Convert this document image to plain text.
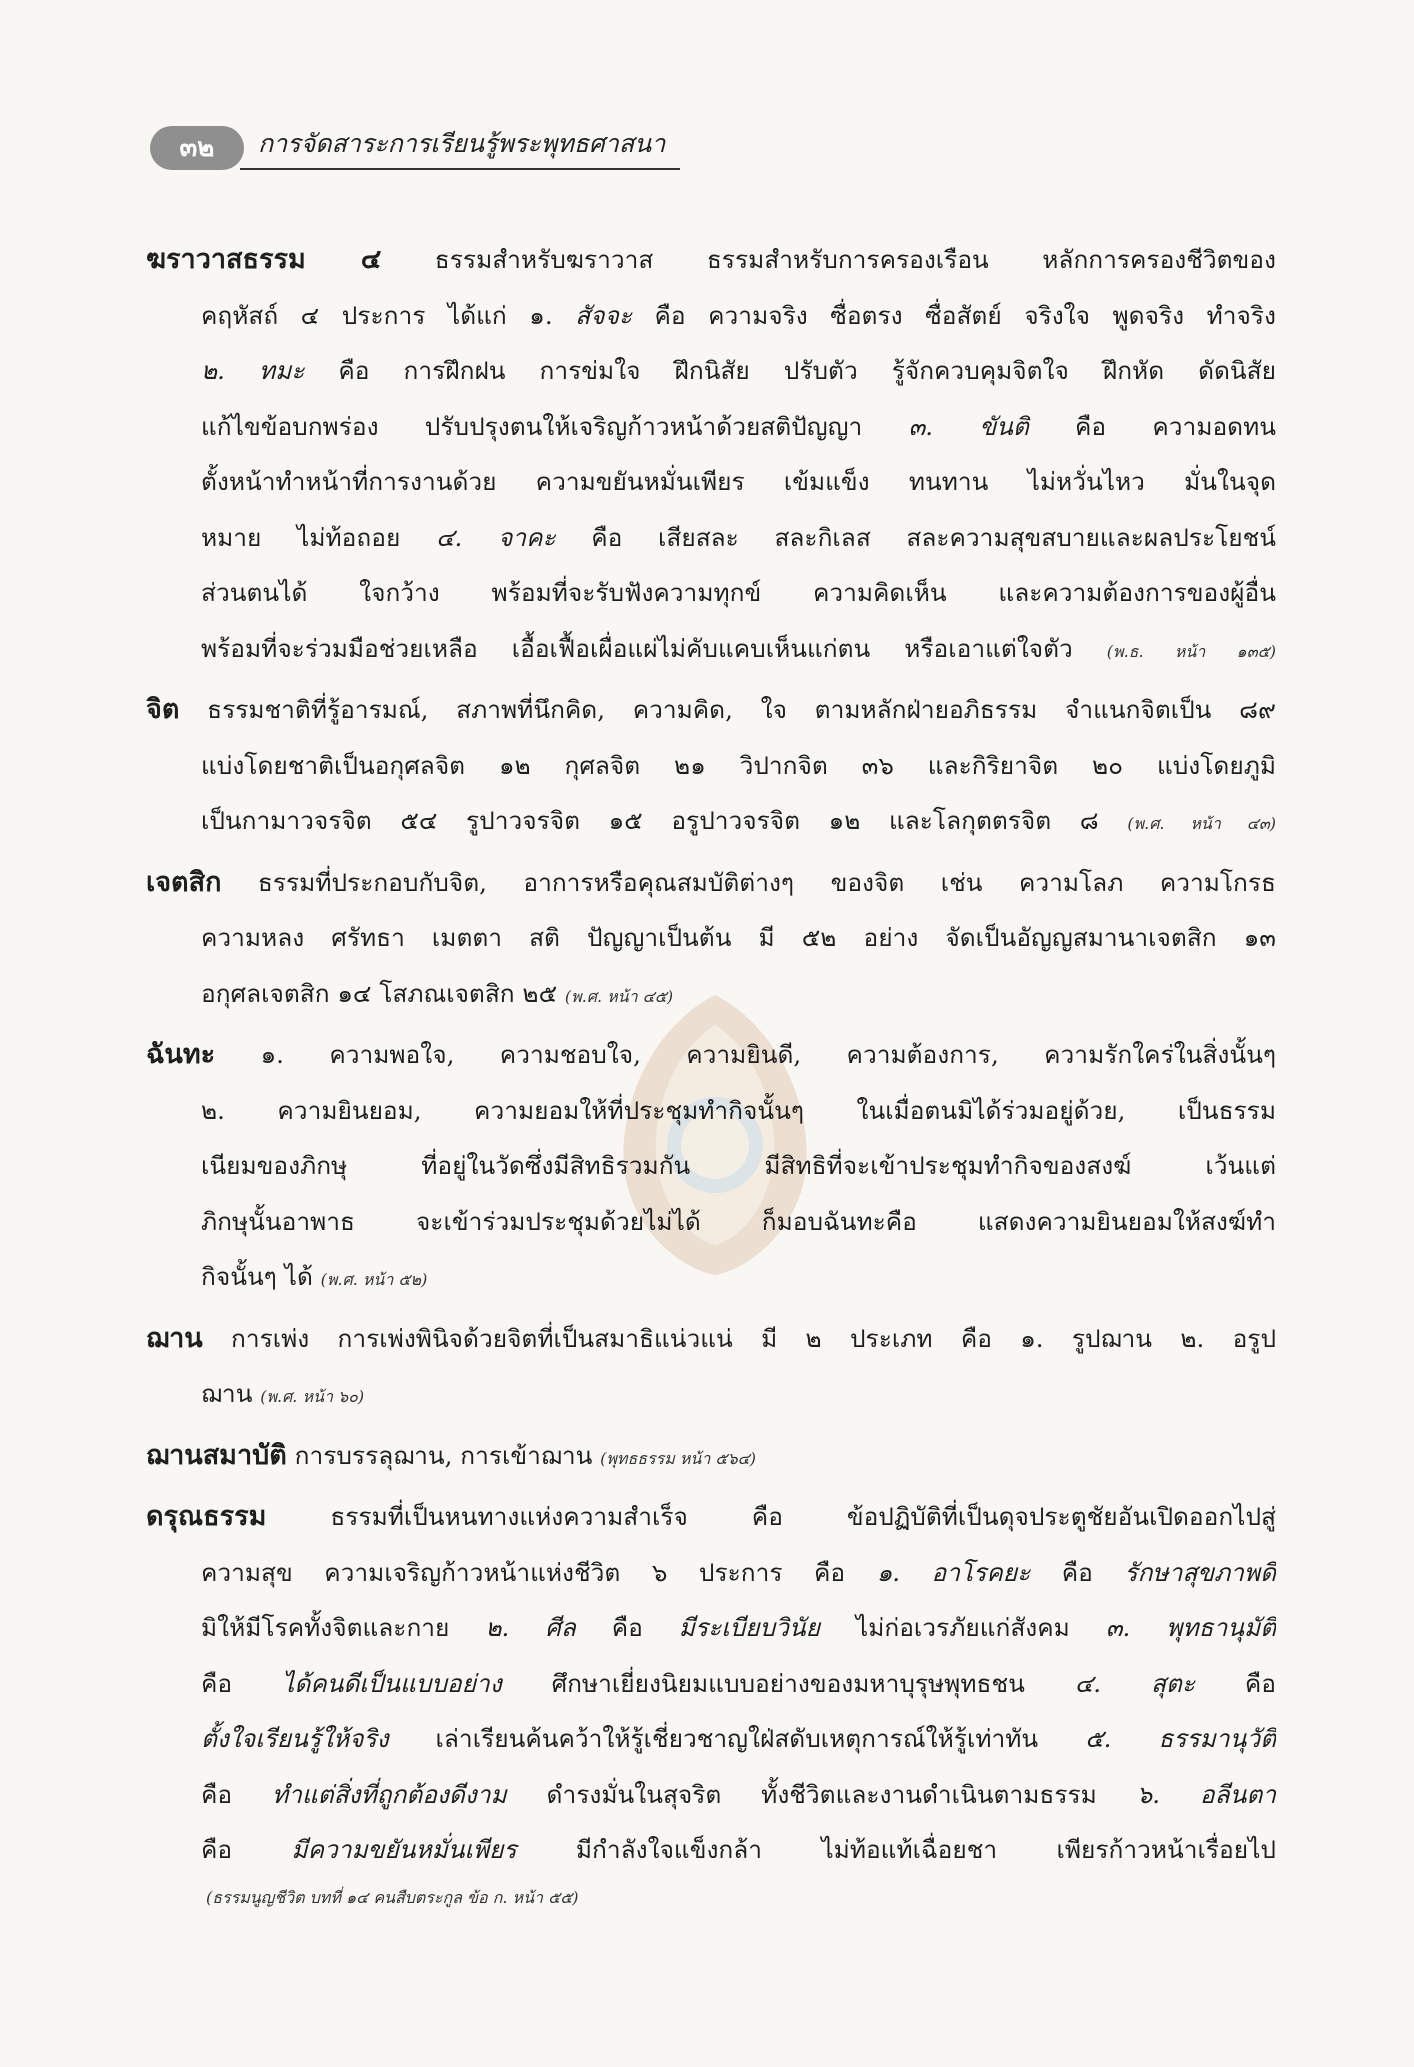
๓๒	การจัดสาระการเรียนรู้พระพุทธศาสนา

ฆราวาสธรรม ๔ ธรรมสำหรับฆราวาส ธรรมสำหรับการครองเรือน หลักการครองชีวิตของ

คฤหัสถ์ ๔ ประการ ได้แก่ ๑. สัจจะ คือ ความจริง ซื่อตรง ซื่อสัตย์ จริงใจ พูดจริง ทำจริง

๒. ทมะ คือ การฝึกฝน การข่มใจ ฝึกนิสัย ปรับตัว รู้จักควบคุมจิตใจ ฝึกหัด ดัดนิสัย

แก้ไขข้อบกพร่อง ปรับปรุงตนให้เจริญก้าวหน้าด้วยสติปัญญา ๓. ขันติ คือ ความอดทน

ตั้งหน้าทำหน้าที่การงานด้วย ความขยันหมั่นเพียร เข้มแข็ง ทนทาน ไม่หวั่นไหว มั่นในจุด

หมาย ไม่ท้อถอย ๔. จาคะ คือ เสียสละ สละกิเลส สละความสุขสบายและผลประโยชน์

ส่วนตนได้ ใจกว้าง พร้อมที่จะรับฟังความทุกข์ ความคิดเห็น และความต้องการของผู้อื่น

พร้อมที่จะร่วมมือช่วยเหลือ เอื้อเฟื้อเผื่อแผ่ไม่คับแคบเห็นแก่ตน หรือเอาแต่ใจตัว (พ.ธ. หน้า ๑๓๕)

จิต ธรรมชาติที่รู้อารมณ์, สภาพที่นึกคิด, ความคิด, ใจ ตามหลักฝ่ายอภิธรรม จำแนกจิตเป็น ๘๙

แบ่งโดยชาติเป็นอกุศลจิต ๑๒ กุศลจิต ๒๑ วิปากจิต ๓๖ และกิริยาจิต ๒๐ แบ่งโดยภูมิ

เป็นกามาวจรจิต ๕๔ รูปาวจรจิต ๑๕ อรูปาวจรจิต ๑๒ และโลกุตตรจิต ๘ (พ.ศ. หน้า ๔๓)

เจตสิก ธรรมที่ประกอบกับจิต, อาการหรือคุณสมบัติต่างๆ ของจิต เช่น ความโลภ ความโกรธ

ความหลง ศรัทธา เมตตา สติ ปัญญาเป็นต้น มี ๕๒ อย่าง จัดเป็นอัญญสมานาเจตสิก ๑๓

อกุศลเจตสิก ๑๔ โสภณเจตสิก ๒๕ (พ.ศ. หน้า ๔๕)

ฉันทะ ๑. ความพอใจ, ความชอบใจ, ความยินดี, ความต้องการ, ความรักใคร่ในสิ่งนั้นๆ

๒. ความยินยอม, ความยอมให้ที่ประชุมทำกิจนั้นๆ ในเมื่อตนมิได้ร่วมอยู่ด้วย, เป็นธรรม

เนียมของภิกษุ ที่อยู่ในวัดซึ่งมีสิทธิรวมกัน มีสิทธิที่จะเข้าประชุมทำกิจของสงฆ์ เว้นแต่

ภิกษุนั้นอาพาธ จะเข้าร่วมประชุมด้วยไม่ได้ ก็มอบฉันทะคือ แสดงความยินยอมให้สงฆ์ทำ

กิจนั้นๆ ได้ (พ.ศ. หน้า ๕๒)

ฌาน การเพ่ง การเพ่งพินิจด้วยจิตที่เป็นสมาธิแน่วแน่ มี ๒ ประเภท คือ ๑. รูปฌาน ๒. อรูป

ฌาน (พ.ศ. หน้า ๖๐)

ฌานสมาบัติ การบรรลุฌาน, การเข้าฌาน (พุทธธรรม หน้า ๕๖๔)

ดรุณธรรม	ธรรมที่เป็นหนทางแห่งความสำเร็จ คือ ข้อปฏิบัติที่เป็นดุจประตูชัยอันเปิดออกไปสู่

ความสุข ความเจริญก้าวหน้าแห่งชีวิต ๖ ประการ คือ ๑. อาโรคยะ คือ รักษาสุขภาพดี

มิให้มีโรคทั้งจิตและกาย ๒. ศีล คือ มีระเบียบวินัย ไม่ก่อเวรภัยแก่สังคม ๓. พุทธานุมัติ

คือ ได้คนดีเป็นแบบอย่าง ศึกษาเยี่ยงนิยมแบบอย่างของมหาบุรุษพุทธชน ๔. สุตะ คือ

ตั้งใจเรียนรู้ให้จริง เล่าเรียนค้นคว้าให้รู้เชี่ยวชาญใฝ่สดับเหตุการณ์ให้รู้เท่าทัน ๕. ธรรมานุวัติ

คือ ทำแต่สิ่งที่ถูกต้องดีงาม ดำรงมั่นในสุจริต ทั้งชีวิตและงานดำเนินตามธรรม ๖. อลีนตา

คือ มีความขยันหมั่นเพียร มีกำลังใจแข็งกล้า ไม่ท้อแท้เฉื่อยชา เพียรก้าวหน้าเรื่อยไป

(ธรรมนูญชีวิต บทที่ ๑๔ คนสืบตระกูล ข้อ ก. หน้า ๕๕)
